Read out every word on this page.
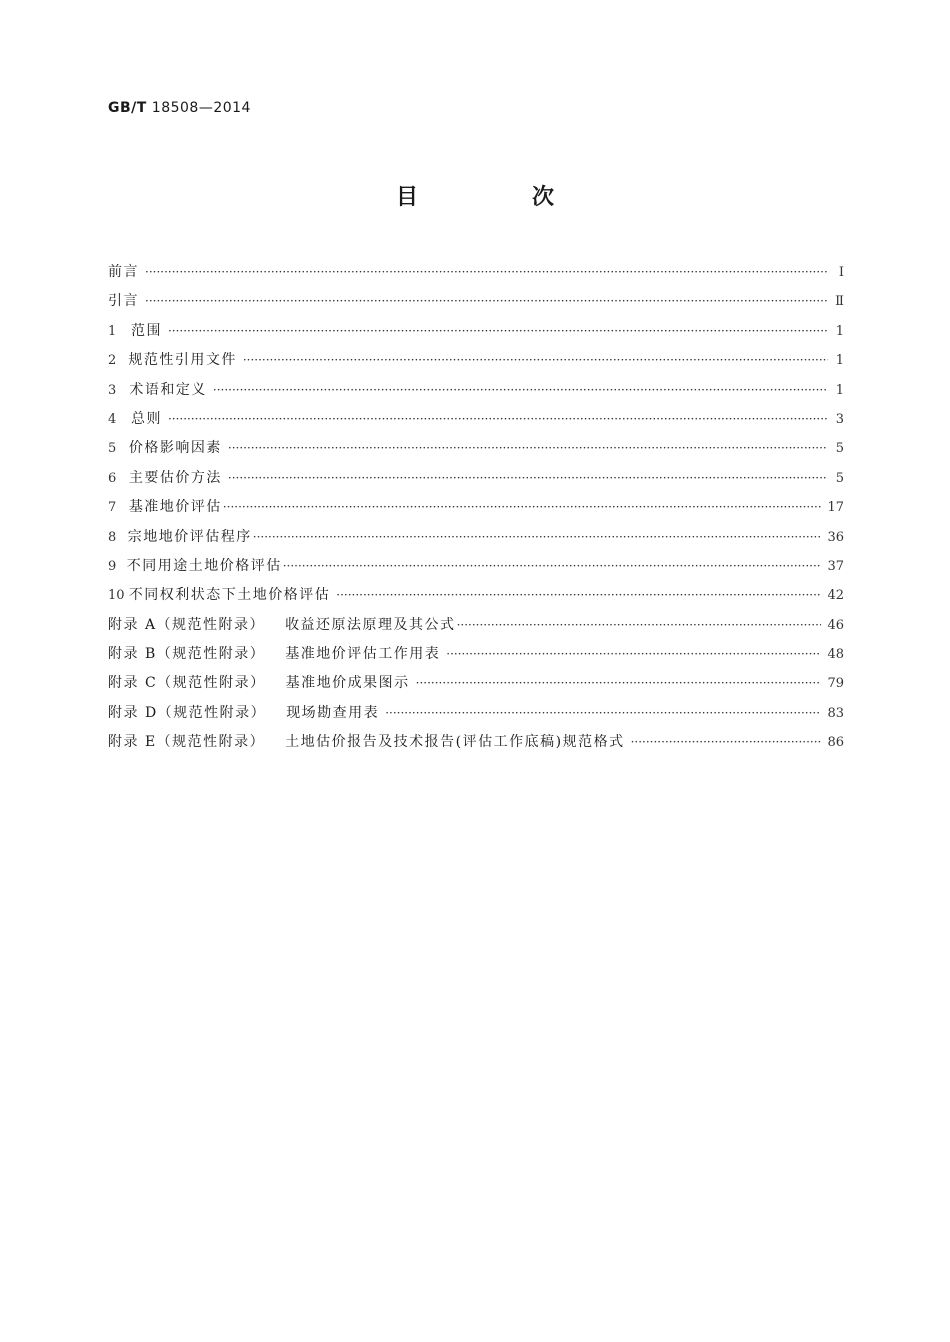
GB/T 18508—2014
目　次
前言 ·····	Ⅰ
引言 ·····	Ⅱ
1	范围 ·····	1
2 规范性引用文件 ·····	1
3 术语和定义 ·····	1
4	总则 ·····	3
5 价格影响因素 ·····	5
6 主要估价方法 ·····	5
7 基准地价评估 ·····	17
8 宗地地价评估程序 ·····	36
9 不同用途土地价格评估 ·····	37
10 不同权利状态下土地价格评估 ·····	42
附录 A（规范性附录） 收益还原法原理及其公式 ·····	46
附录 B（规范性附录） 基准地价评估工作用表 ·····	48
附录 C（规范性附录） 基准地价成果图示 ·····	79
附录 D（规范性附录） 现场勘查用表 ·····	83
附录 E（规范性附录） 土地估价报告及技术报告(评估工作底稿)规范格式 ·····	86
